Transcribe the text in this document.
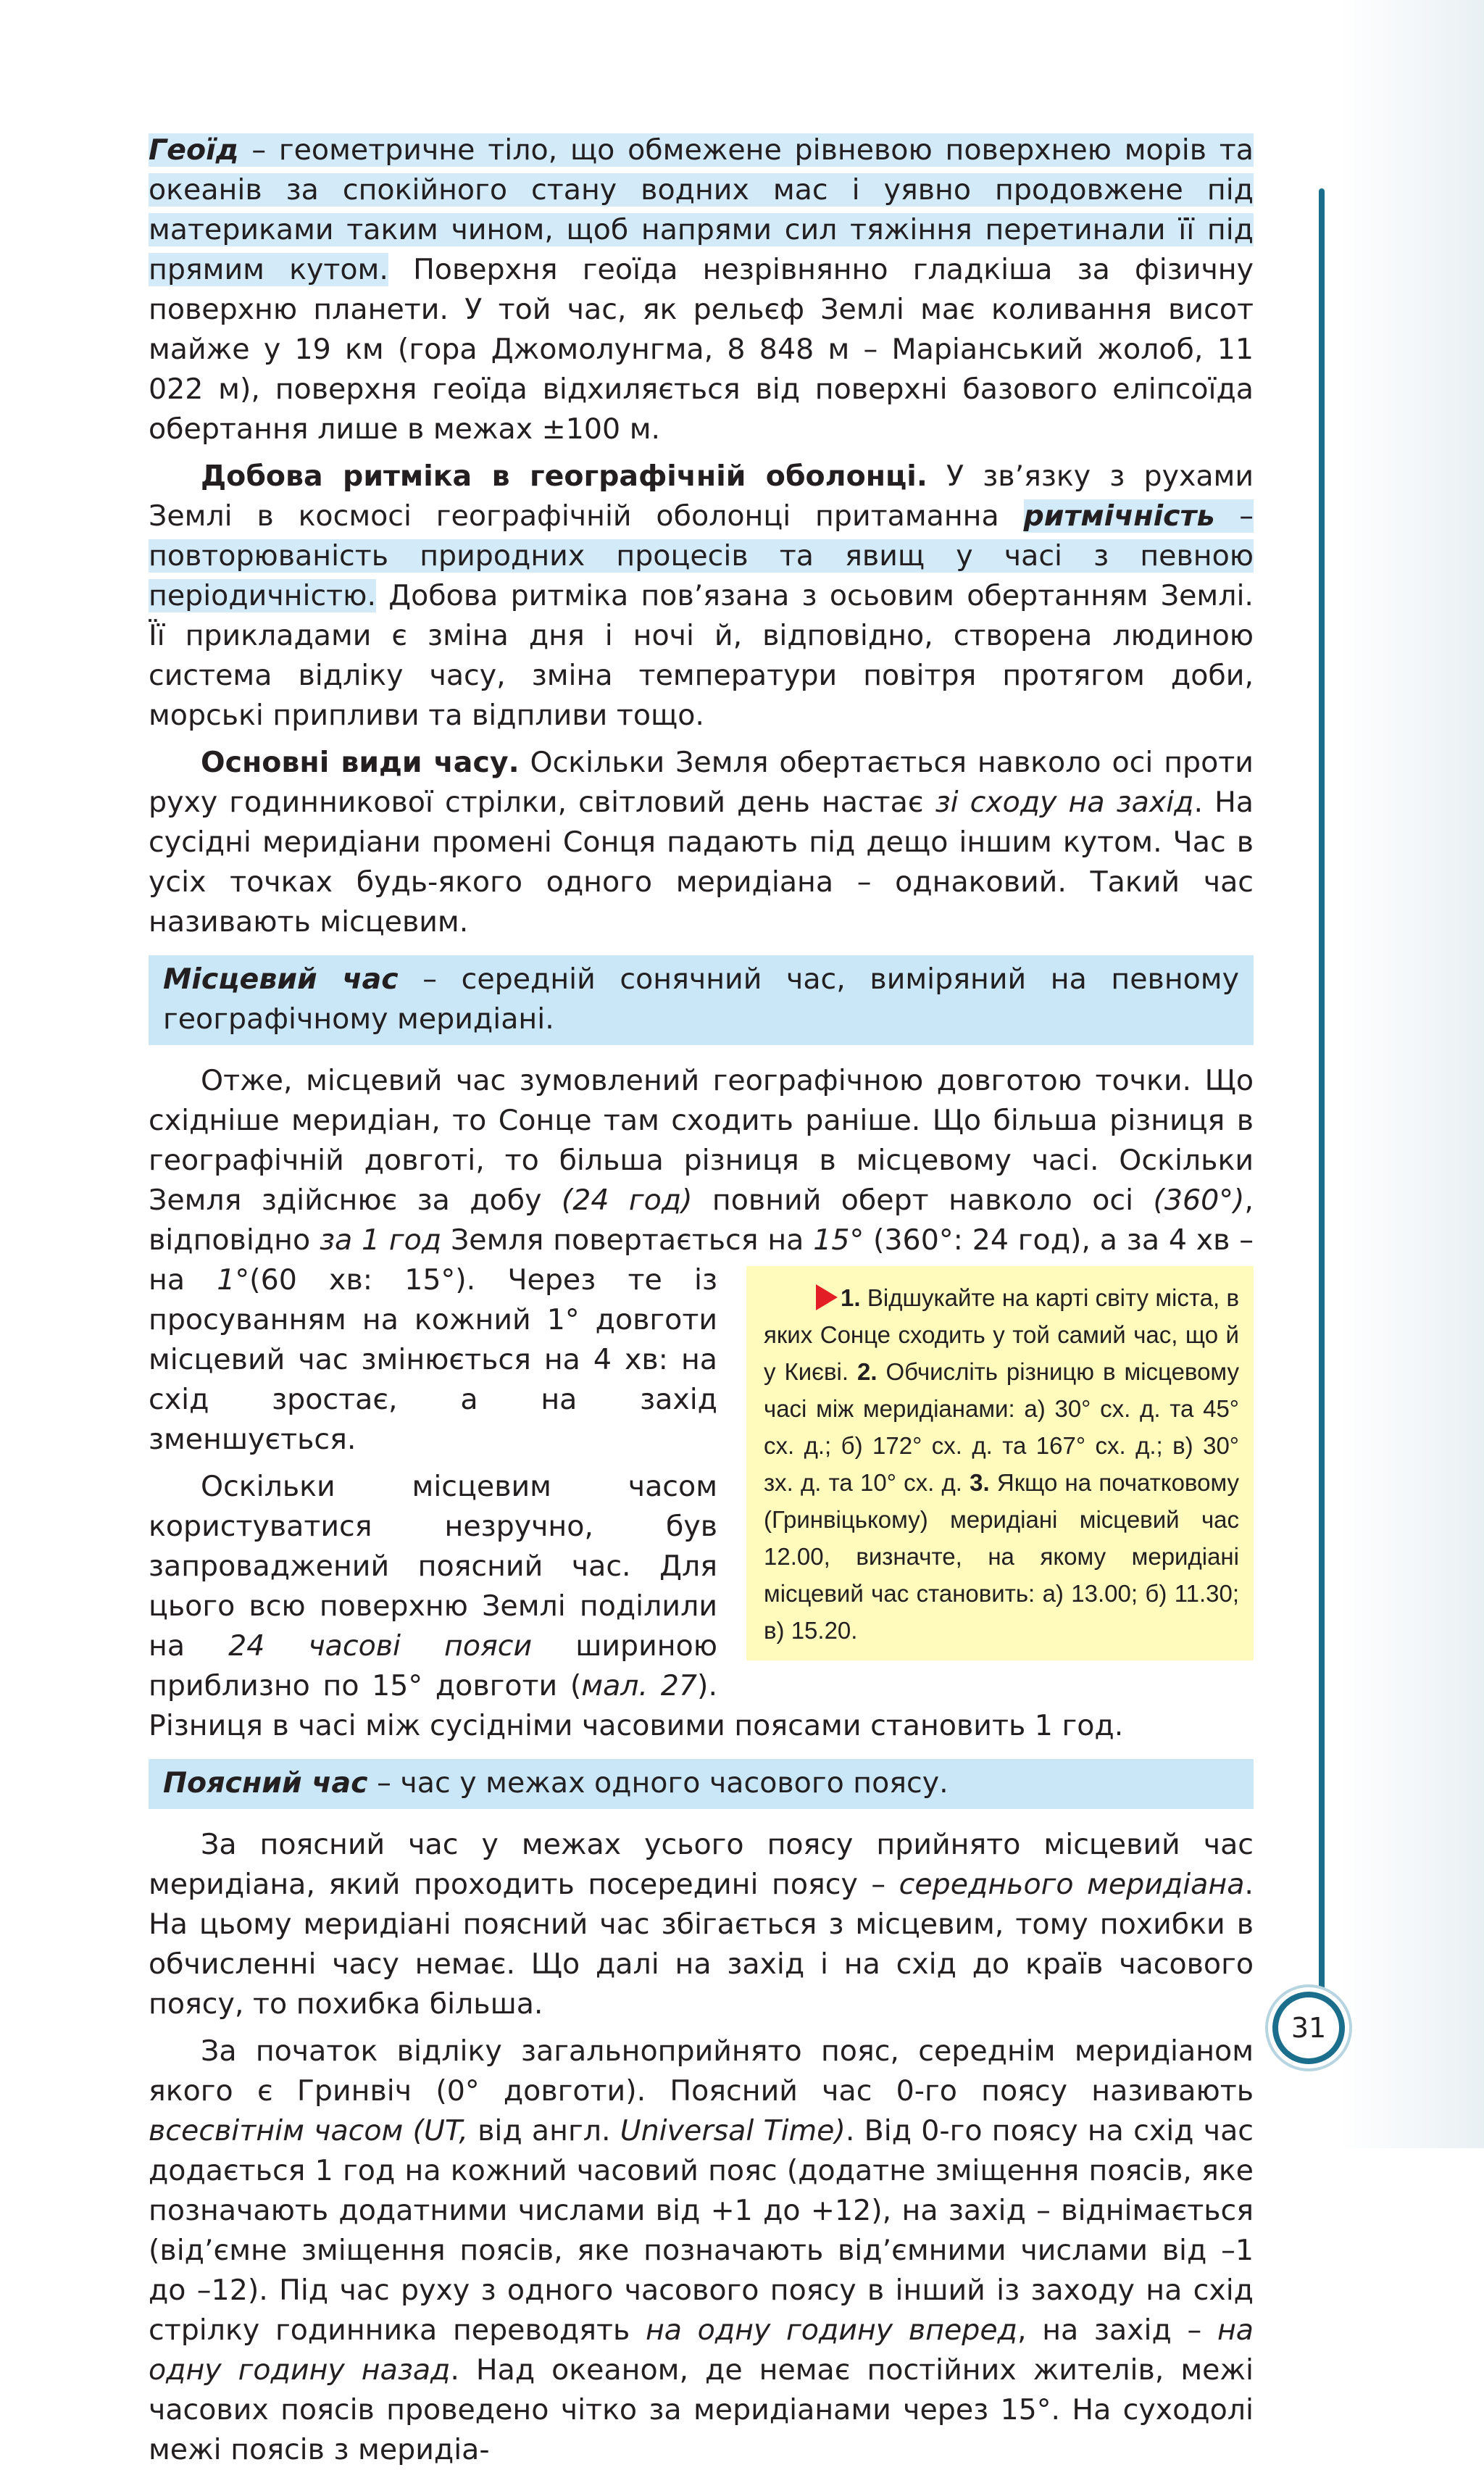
31

Геоїд – геометричне тіло, що обмежене рівневою поверхнею морів та океанів за спокійного стану водних мас і уявно продовжене під материками таким чином, щоб напрями сил тяжіння перетинали її під прямим кутом. Поверхня геоїда незрівнянно гладкіша за фізичну поверхню планети. У той час, як рельєф Землі має коливання висот майже у 19 км (гора Джомолунгма, 8 848 м – Маріанський жолоб, 11 022 м), поверхня геоїда відхиляється від поверхні базового еліпсоїда обертання лише в межах ±100 м.

Добова ритміка в географічній оболонці. У зв’язку з рухами Землі в космосі географічній оболонці притаманна ритмічність – повторюваність природних процесів та явищ у часі з певною періодичністю. Добова ритміка пов’язана з осьовим обертанням Землі. Її прикладами є зміна дня і ночі й, відповідно, створена людиною система відліку часу, зміна температури повітря протягом доби, морські припливи та відпливи тощо.

Основні види часу. Оскільки Земля обертається навколо осі проти руху годинникової стрілки, світловий день настає зі сходу на захід. На сусідні меридіани промені Сонця падають під дещо іншим кутом. Час в усіх точках будь-якого одного меридіана – однаковий. Такий час називають місцевим.

Місцевий час – середній сонячний час, виміряний на певному географічному меридіані.

Отже, місцевий час зумовлений географічною довготою точки. Що східніше меридіан, то Сонце там сходить раніше. Що більша різниця в географічній довготі, то більша різниця в місцевому часі. Оскільки Земля здійснює за добу (24 год) повний оберт навколо осі (360°), відповідно за 1 год Земля повертається на 15° (360°: 24 год), а за 4 хв – на 1
1. Відшукайте на карті світу міста, в яких Сонце сходить у той самий час, що й у Києві. 2. Обчисліть різницю в місцевому часі між меридіанами: а) 30° сх. д. та 45° сх. д.; б) 172° сх. д. та 167° сх. д.; в) 30° зх. д. та 10° сх. д. 3. Якщо на початковому (Гринвіцькому) меридіані місцевий час 12.00, визначте, на якому меридіані місцевий час становить: а) 13.00; б) 11.30; в) 15.20.
°(60 хв: 15°). Через те із просуванням на кожний 1° довготи місцевий час змінюється на 4 хв: на схід зростає, а на захід зменшується.

Оскільки місцевим часом користуватися незручно, був запроваджений поясний час. Для цього всю поверхню Землі поділили на 24 часові пояси шириною приблизно по 15° довготи (мал. 27). Різниця в часі між сусідніми часовими поясами становить 1 год.

Поясний час – час у межах одного часового поясу.

За поясний час у межах усього поясу прийнято місцевий час меридіана, який проходить посередині поясу – середнього меридіана. На цьому меридіані поясний час збігається з місцевим, тому похибки в обчисленні часу немає. Що далі на захід і на схід до країв часового поясу, то похибка більша.

За початок відліку загальноприйнято пояс, середнім меридіаном якого є Гринвіч (0° довготи). Поясний час 0-го поясу називають всесвітнім часом (UT, від англ. Universal Time). Від 0-го поясу на схід час додається 1 год на кожний часовий пояс (додатне зміщення поясів, яке позначають додатними числами від +1 до +12), на захід – віднімається (від’ємне зміщення поясів, яке позначають від’ємними числами від –1 до –12). Під час руху з одного часового поясу в інший із заходу на схід стрілку годинника переводять на одну годину вперед, на захід – на одну годину назад. Над океаном, де немає постійних жителів, межі часових поясів проведено чітко за меридіанами через 15°. На суходолі межі поясів з меридіа-
